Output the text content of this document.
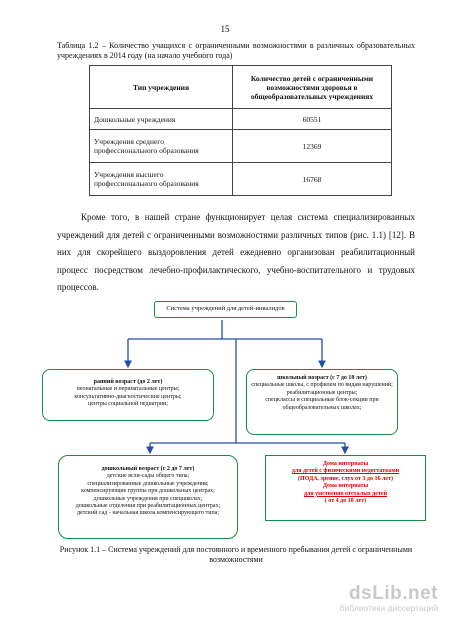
15
Таблица 1.2 – Количество учащихся с ограниченными возможностями в различных образовательных учреждениях в 2014 году (на начало учебного года)
Тип учреждения	Количество детей с ограниченными возможностями здоровья в общеобразовательных учреждениях
Дошкольные учреждения	60551
Учреждения среднего профессионального образования	12369
Учреждения высшего профессионального образования	16768
Кроме того, в нашей стране функционирует целая система специализированных учреждений для детей с ограниченными возможностями различных типов (рис. 1.1) [12]. В них для скорейшего выздоровления детей ежедневно организован реабилитационный процесс посредством лечебно-профилактического, учебно-воспитательного и трудовых процессов.
Система учреждений для детей-инвалидов
ранний возраст (до 2 лет)
неонатальные и перинатальные центры;
консультативно-диагностические центры;
центры социальной педиатрии;
школьный возраст (с 7 до 18 лет)
специальные школы, с профилем по видам нарушений;
реабилитационные центры;
спецклассы и специальные блок-секции при общеобразовательных школах;
дошкольный возраст (с 2 до 7 лет)
детские ясли-сады общего типа;
специализированные дошкольные учреждения;
компенсирующие группы при дошкольных центрах;
дошкольные учреждения при спецшколах;
дошкольные отделения при реабилитационных центрах;
детский сад - начальная школа компенсирующего типа;
Дома интернаты
для детей с физическими недостатками
(ПОДА, зрение, слух от 3 до 16 лет)
Дома интернаты
для умственно отсталых детей
( от 4 до 18 лет)
Рисунок 1.1 – Система учреждений для постоянного и временного пребывания детей с ограниченными возможностями
dsLib.net
библиотека диссертаций
